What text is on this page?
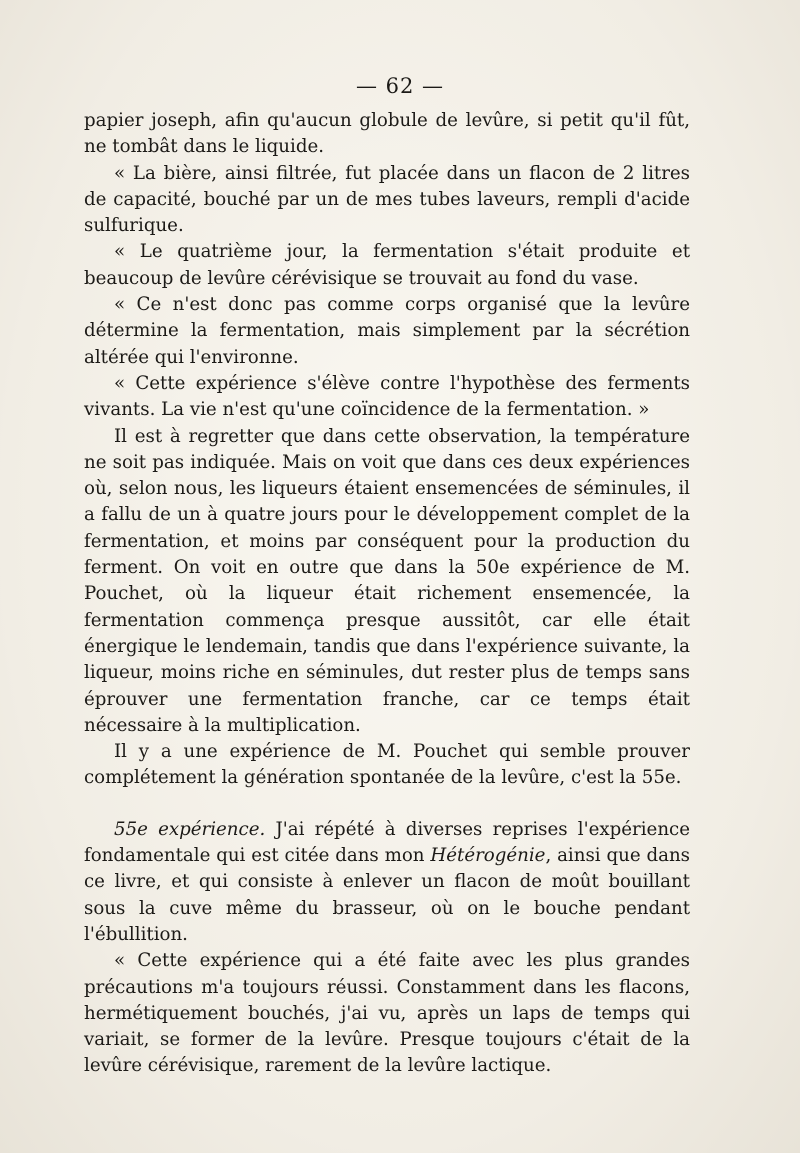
— 62 —

papier joseph, afin qu'aucun globule de levûre, si petit qu'il fût, ne tombât dans le liquide.

« La bière, ainsi filtrée, fut placée dans un flacon de 2 litres de capacité, bouché par un de mes tubes laveurs, rempli d'acide sulfurique.

« Le quatrième jour, la fermentation s'était produite et beaucoup de levûre cérévisique se trouvait au fond du vase.

« Ce n'est donc pas comme corps organisé que la levûre détermine la fermentation, mais simplement par la sécrétion altérée qui l'environne.

« Cette expérience s'élève contre l'hypothèse des ferments vivants. La vie n'est qu'une coïncidence de la fermentation. »

Il est à regretter que dans cette observation, la température ne soit pas indiquée. Mais on voit que dans ces deux expériences où, selon nous, les liqueurs étaient ensemencées de séminules, il a fallu de un à quatre jours pour le développement complet de la fermentation, et moins par conséquent pour la production du ferment. On voit en outre que dans la 50e expérience de M. Pouchet, où la liqueur était richement ensemencée, la fermentation commença presque aussitôt, car elle était énergique le lendemain, tandis que dans l'expérience suivante, la liqueur, moins riche en séminules, dut rester plus de temps sans éprouver une fermentation franche, car ce temps était nécessaire à la multiplication.

Il y a une expérience de M. Pouchet qui semble prouver complétement la génération spontanée de la levûre, c'est la 55e.

55e expérience. J'ai répété à diverses reprises l'expérience fondamentale qui est citée dans mon Hétérogénie, ainsi que dans ce livre, et qui consiste à enlever un flacon de moût bouillant sous la cuve même du brasseur, où on le bouche pendant l'ébullition.

« Cette expérience qui a été faite avec les plus grandes précautions m'a toujours réussi. Constamment dans les flacons, hermétiquement bouchés, j'ai vu, après un laps de temps qui variait, se former de la levûre. Presque toujours c'était de la levûre cérévisique, rarement de la levûre lactique.
